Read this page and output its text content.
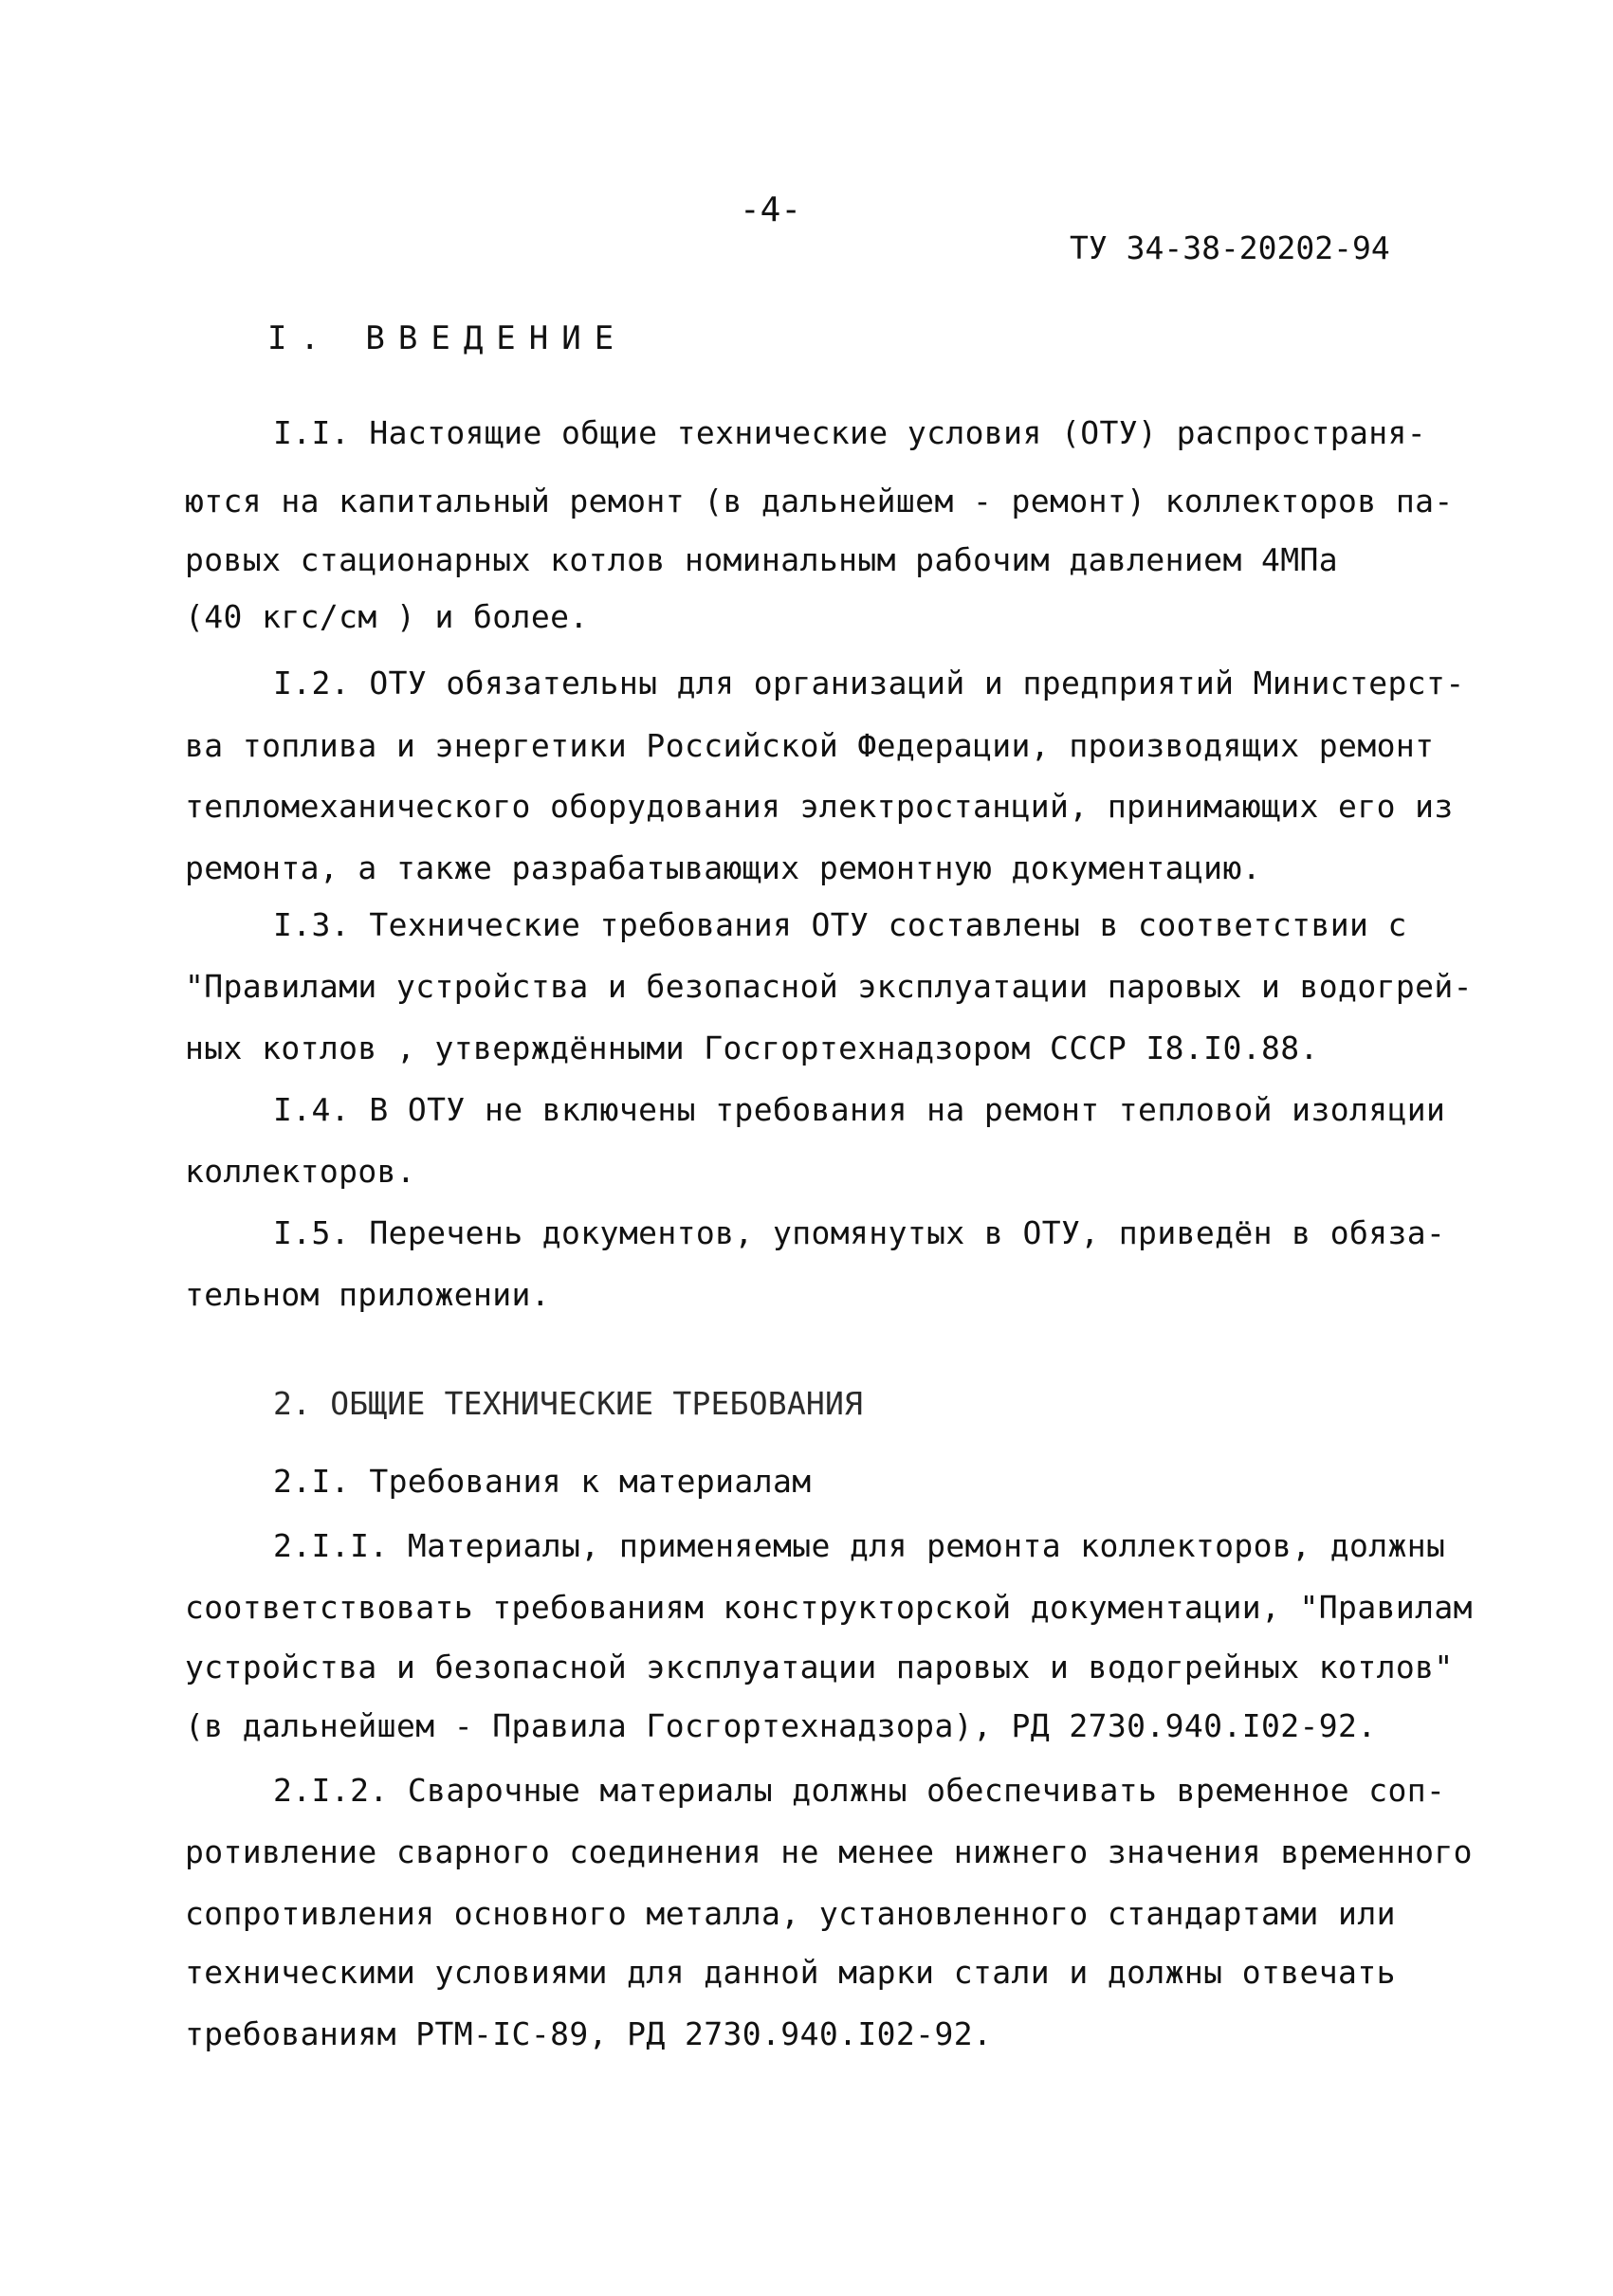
-4-
ТУ 34-38-20202-94
I. ВВЕДЕНИЕ
I.I. Настоящие общие технические условия (ОТУ) распространя-
ются на капитальный ремонт (в дальнейшем - ремонт) коллекторов па-
ровых стационарных котлов номинальным рабочим давлением 4МПа
(40 кгс/см ) и более.
I.2. ОТУ обязательны для организаций и предприятий Министерст-
ва топлива и энергетики Российской Федерации, производящих ремонт
тепломеханического оборудования электростанций, принимающих его из
ремонта, а также разрабатывающих ремонтную документацию.
I.3. Технические требования ОТУ составлены в соответствии с
"Правилами устройства и безопасной эксплуатации паровых и водогрей-
ных котлов , утверждёнными Госгортехнадзором СССР I8.I0.88.
I.4. В ОТУ не включены требования на ремонт тепловой изоляции
коллекторов.
I.5. Перечень документов, упомянутых в ОТУ, приведён в обяза-
тельном приложении.
2. ОБЩИЕ ТЕХНИЧЕСКИЕ ТРЕБОВАНИЯ
2.I. Требования к материалам
2.I.I. Материалы, применяемые для ремонта коллекторов, должны
соответствовать требованиям конструкторской документации, "Правилам
устройства и безопасной эксплуатации паровых и водогрейных котлов"
(в дальнейшем - Правила Госгортехнадзора), РД 2730.940.I02-92.
2.I.2. Сварочные материалы должны обеспечивать временное соп-
ротивление сварного соединения не менее нижнего значения временного
сопротивления основного металла, установленного стандартами или
техническими условиями для данной марки стали и должны отвечать
требованиям РТМ-IC-89, РД 2730.940.I02-92.
